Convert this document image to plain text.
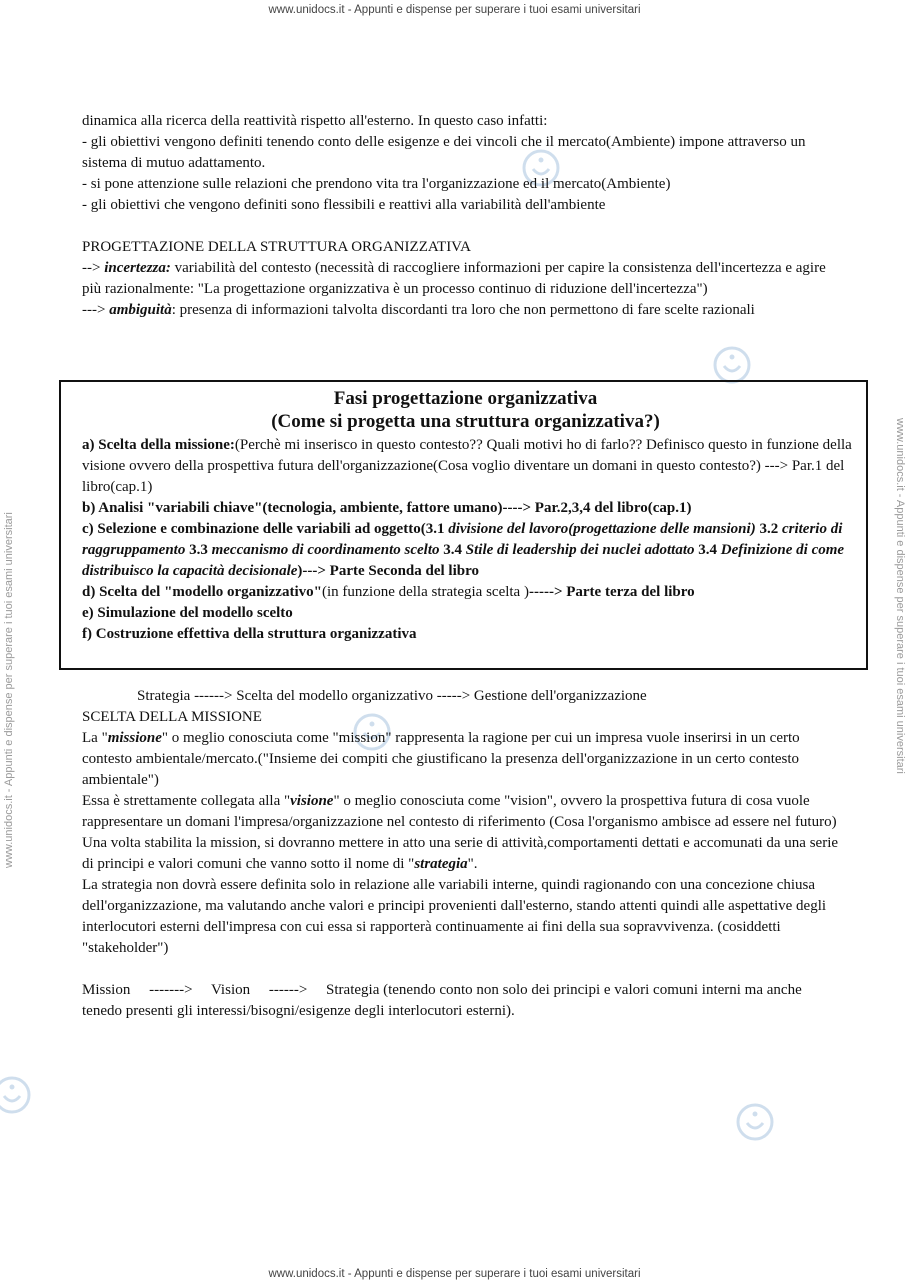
www.unidocs.it - Appunti e dispense per superare i tuoi esami universitari
www.unidocs.it - Appunti e dispense per superare i tuoi esami universitari	www.unidocs.it - Appunti e dispense per superare i tuoi esami universitari

dinamica alla ricerca della reattività rispetto all'esterno. In questo caso infatti:

- gli obiettivi vengono definiti tenendo conto delle esigenze e dei vincoli che il mercato(Ambiente) impone attraverso un sistema di mutuo adattamento.

- si pone attenzione sulle relazioni che prendono vita tra l'organizzazione ed il mercato(Ambiente)

- gli obiettivi che vengono definiti sono flessibili e reattivi alla variabilità dell'ambiente

PROGETTAZIONE DELLA STRUTTURA ORGANIZZATIVA

--> incertezza: variabilità del contesto (necessità di raccogliere informazioni per capire la consistenza dell'incertezza e agire più razionalmente: "La progettazione organizzativa è un processo continuo di riduzione dell'incertezza")

---> ambiguità: presenza di informazioni talvolta discordanti tra loro che non permettono di fare scelte razionali

Fasi progettazione organizzativa
(Come si progetta una struttura organizzativa?)

a) Scelta della missione:(Perchè mi inserisco in questo contesto?? Quali motivi ho di farlo?? Definisco questo in funzione della visione ovvero della prospettiva futura dell'organizzazione(Cosa voglio diventare un domani in questo contesto?) ---> Par.1 del libro(cap.1)

b) Analisi "variabili chiave"(tecnologia, ambiente, fattore umano)----> Par.2,3,4 del libro(cap.1)

c) Selezione e combinazione delle variabili ad oggetto(3.1 divisione del lavoro(progettazione delle mansioni) 3.2 criterio di raggruppamento 3.3 meccanismo di coordinamento scelto 3.4 Stile di leadership dei nuclei adottato 3.4 Definizione di come distribuisco la capacità decisionale)---> Parte Seconda del libro

d) Scelta del "modello organizzativo"(in funzione della strategia scelta )-----> Parte terza del libro

e) Simulazione del modello scelto

f) Costruzione effettiva della struttura organizzativa

Strategia ------> Scelta del modello organizzativo -----> Gestione dell'organizzazione

SCELTA DELLA MISSIONE

La "missione" o meglio conosciuta come "mission" rappresenta la ragione per cui un impresa vuole inserirsi in un certo contesto ambientale/mercato.("Insieme dei compiti che giustificano la presenza dell'organizzazione in un certo contesto ambientale")

Essa è strettamente collegata alla "visione" o meglio conosciuta come "vision", ovvero la prospettiva futura di cosa vuole rappresentare un domani l'impresa/organizzazione nel contesto di riferimento (Cosa l'organismo ambisce ad essere nel futuro)

Una volta stabilita la mission, si dovranno mettere in atto una serie di attività,comportamenti dettati e accomunati da una serie di principi e valori comuni che vanno sotto il nome di "strategia".

La strategia non dovrà essere definita solo in relazione alle variabili interne, quindi ragionando con una concezione chiusa dell'organizzazione, ma valutando anche valori e principi provenienti dall'esterno, stando attenti quindi alle aspettative degli interlocutori esterni dell'impresa con cui essa si rapporterà continuamente ai fini della sua sopravvivenza. (cosiddetti "stakeholder")

Mission     ------->     Vision     ------>     Strategia (tenendo conto non solo dei principi e valori comuni interni ma anche tenedo presenti gli interessi/bisogni/esigenze degli interlocutori esterni).

www.unidocs.it - Appunti e dispense per superare i tuoi esami universitari
